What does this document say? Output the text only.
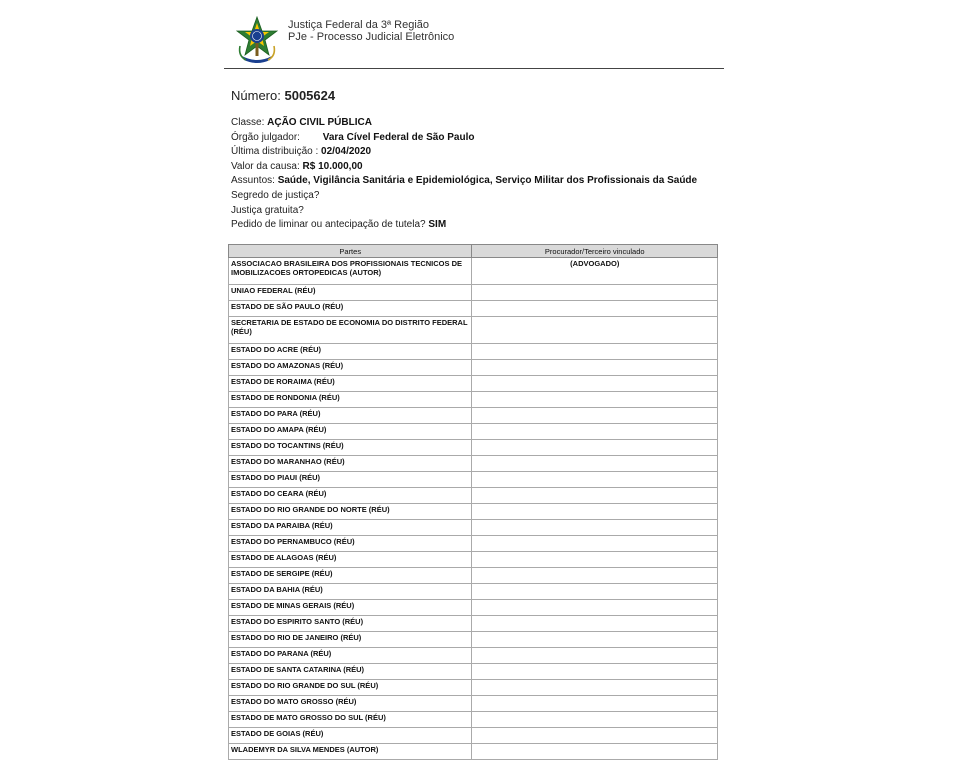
Justiça Federal da 3ª Região
PJe - Processo Judicial Eletrônico
Número: 5005624
Classe: AÇÃO CIVIL PÚBLICA
Órgão julgador: Vara Cível Federal de São Paulo
Última distribuição : 02/04/2020
Valor da causa: R$ 10.000,00
Assuntos: Saúde, Vigilância Sanitária e Epidemiológica, Serviço Militar dos Profissionais da Saúde
Segredo de justiça?
Justiça gratuita?
Pedido de liminar ou antecipação de tutela? SIM
Partes	Procurador/Terceiro vinculado
ASSOCIACAO BRASILEIRA DOS PROFISSIONAIS TECNICOS DE IMOBILIZACOES ORTOPEDICAS (AUTOR)	(ADVOGADO)
UNIAO FEDERAL (RÉU)	
ESTADO DE SÃO PAULO (RÉU)	
SECRETARIA DE ESTADO DE ECONOMIA DO DISTRITO FEDERAL (RÉU)	
ESTADO DO ACRE (RÉU)	
ESTADO DO AMAZONAS (RÉU)	
ESTADO DE RORAIMA (RÉU)	
ESTADO DE RONDONIA (RÉU)	
ESTADO DO PARA (RÉU)	
ESTADO DO AMAPA (RÉU)	
ESTADO DO TOCANTINS (RÉU)	
ESTADO DO MARANHAO (RÉU)	
ESTADO DO PIAUI (RÉU)	
ESTADO DO CEARA (RÉU)	
ESTADO DO RIO GRANDE DO NORTE (RÉU)	
ESTADO DA PARAIBA (RÉU)	
ESTADO DO PERNAMBUCO (RÉU)	
ESTADO DE ALAGOAS (RÉU)	
ESTADO DE SERGIPE (RÉU)	
ESTADO DA BAHIA (RÉU)	
ESTADO DE MINAS GERAIS (RÉU)	
ESTADO DO ESPIRITO SANTO (RÉU)	
ESTADO DO RIO DE JANEIRO (RÉU)	
ESTADO DO PARANA (RÉU)	
ESTADO DE SANTA CATARINA (RÉU)	
ESTADO DO RIO GRANDE DO SUL (RÉU)	
ESTADO DO MATO GROSSO (RÉU)	
ESTADO DE MATO GROSSO DO SUL (RÉU)	
ESTADO DE GOIAS (RÉU)	
WLADEMYR DA SILVA MENDES (AUTOR)	
